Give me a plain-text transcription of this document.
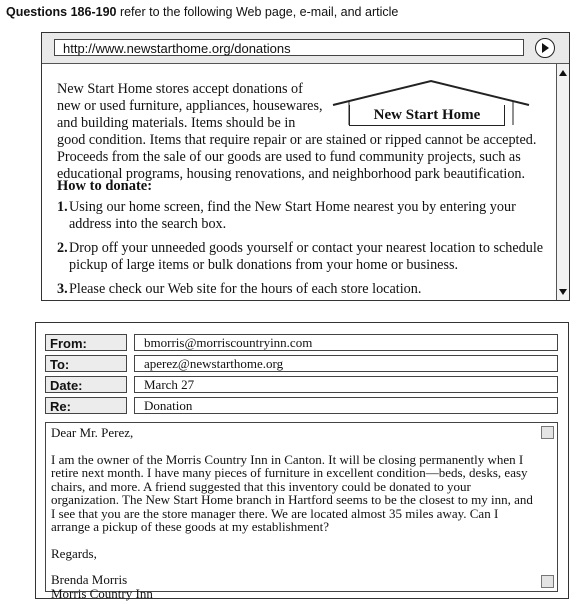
Questions 186-190 refer to the following Web page, e-mail, and article
http://www.newstarthome.org/donations
New Start Home
New Start Home stores accept donations of
new or used furniture, appliances, housewares,
and building materials. Items should be in
good condition. Items that require repair or are stained or ripped cannot be accepted. Proceeds from the sale of our goods are used to fund community projects, such as educational programs, housing renovations, and neighborhood park beautification.
How to donate:
1. Using our home screen, find the New Start Home nearest you by entering your address into the search box.
2. Drop off your unneeded goods yourself or contact your nearest location to schedule pickup of large items or bulk donations from your home or business.
3. Please check our Web site for the hours of each store location.
From:	bmorris@morriscountryinn.com
To:	aperez@newstarthome.org
Date:	March 27
Re:	Donation

Dear Mr. Perez,

I am the owner of the Morris Country Inn in Canton. It will be closing permanently when I retire next month. I have many pieces of furniture in excellent condition—beds, desks, easy chairs, and more. A friend suggested that this inventory could be donated to your organization. The New Start Home branch in Hartford seems to be the closest to my inn, and I see that you are the store manager there. We are located almost 35 miles away. Can I arrange a pickup of these goods at my establishment?

Regards,

Brenda Morris
Morris Country Inn
